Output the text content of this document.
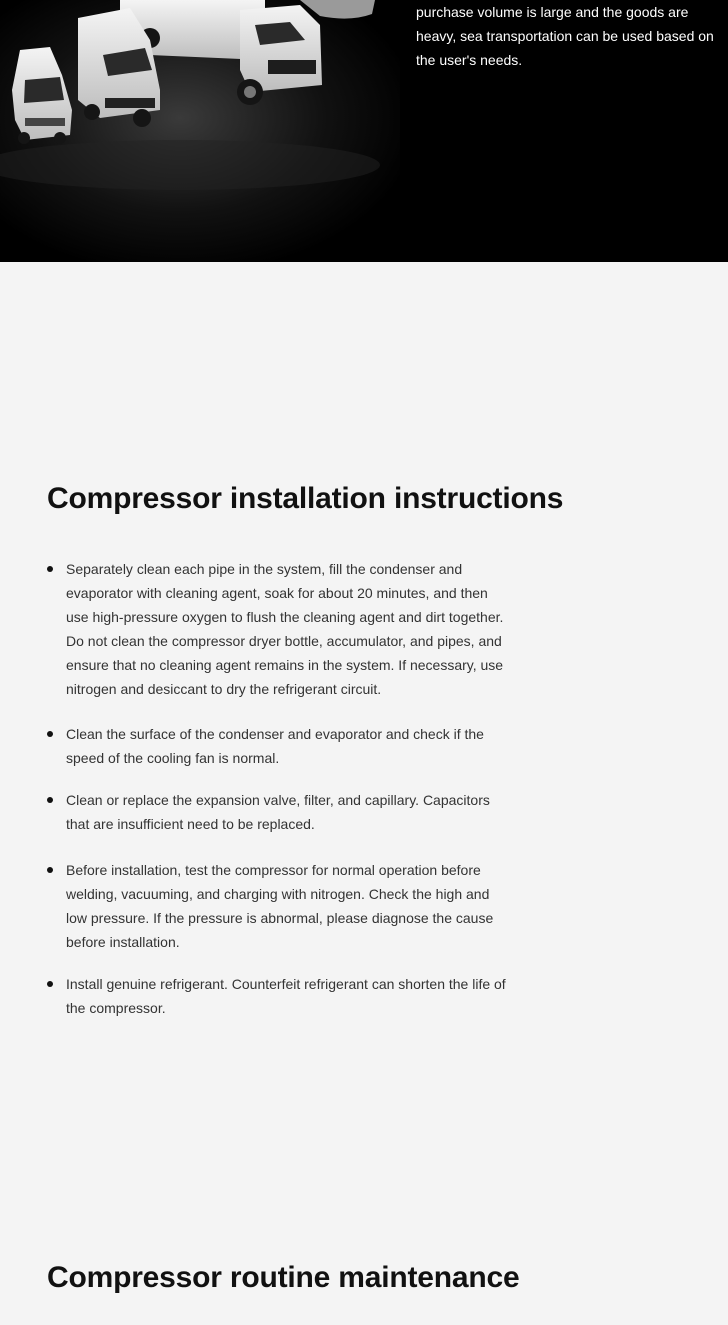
purchase volume is large and the goods are heavy, sea transportation can be used based on the user's needs.
Compressor installation instructions
Separately clean each pipe in the system, fill the condenser and evaporator with cleaning agent, soak for about 20 minutes, and then use high-pressure oxygen to flush the cleaning agent and dirt together. Do not clean the compressor dryer bottle, accumulator, and pipes, and ensure that no cleaning agent remains in the system. If necessary, use nitrogen and desiccant to dry the refrigerant circuit.
Clean the surface of the condenser and evaporator and check if the speed of the cooling fan is normal.
Clean or replace the expansion valve, filter, and capillary. Capacitors that are insufficient need to be replaced.
Before installation, test the compressor for normal operation before welding, vacuuming, and charging with nitrogen. Check the high and low pressure. If the pressure is abnormal, please diagnose the cause before installation.
Install genuine refrigerant. Counterfeit refrigerant can shorten the life of the compressor.
Compressor routine maintenance
